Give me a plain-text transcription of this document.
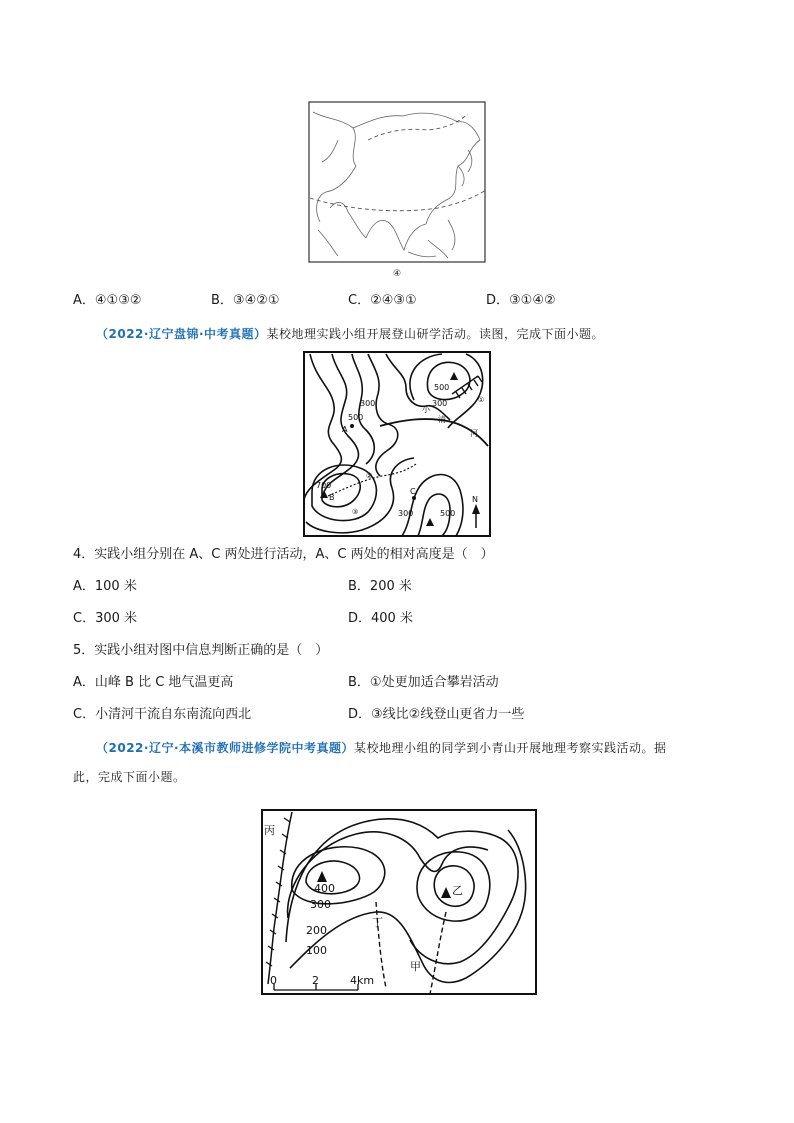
④
A．④①③②	B．③④②①	C．②④③①	D．③①④②
（2022·辽宁盘锦·中考真题）某校地理实践小组开展登山研学活动。读图，完成下面小题。
500
300
300
500
700
300	500
A
B
C
小
清
河
①
②
③
N
4．实践小组分别在 A、C 两处进行活动，A、C 两处的相对高度是（　）
A．100 米	B．200 米
C．300 米	D．400 米
5．实践小组对图中信息判断正确的是（　）
A．山峰 B 比 C 地气温更高	B．①处更加适合攀岩活动
C．小清河干流自东南流向西北	D．③线比②线登山更省力一些
（2022·辽宁·本溪市教师进修学院中考真题）某校地理小组的同学到小青山开展地理考察实践活动。据
此，完成下面小题。
丙
乙
丁
甲
400
300
200
100
0	2	4km
